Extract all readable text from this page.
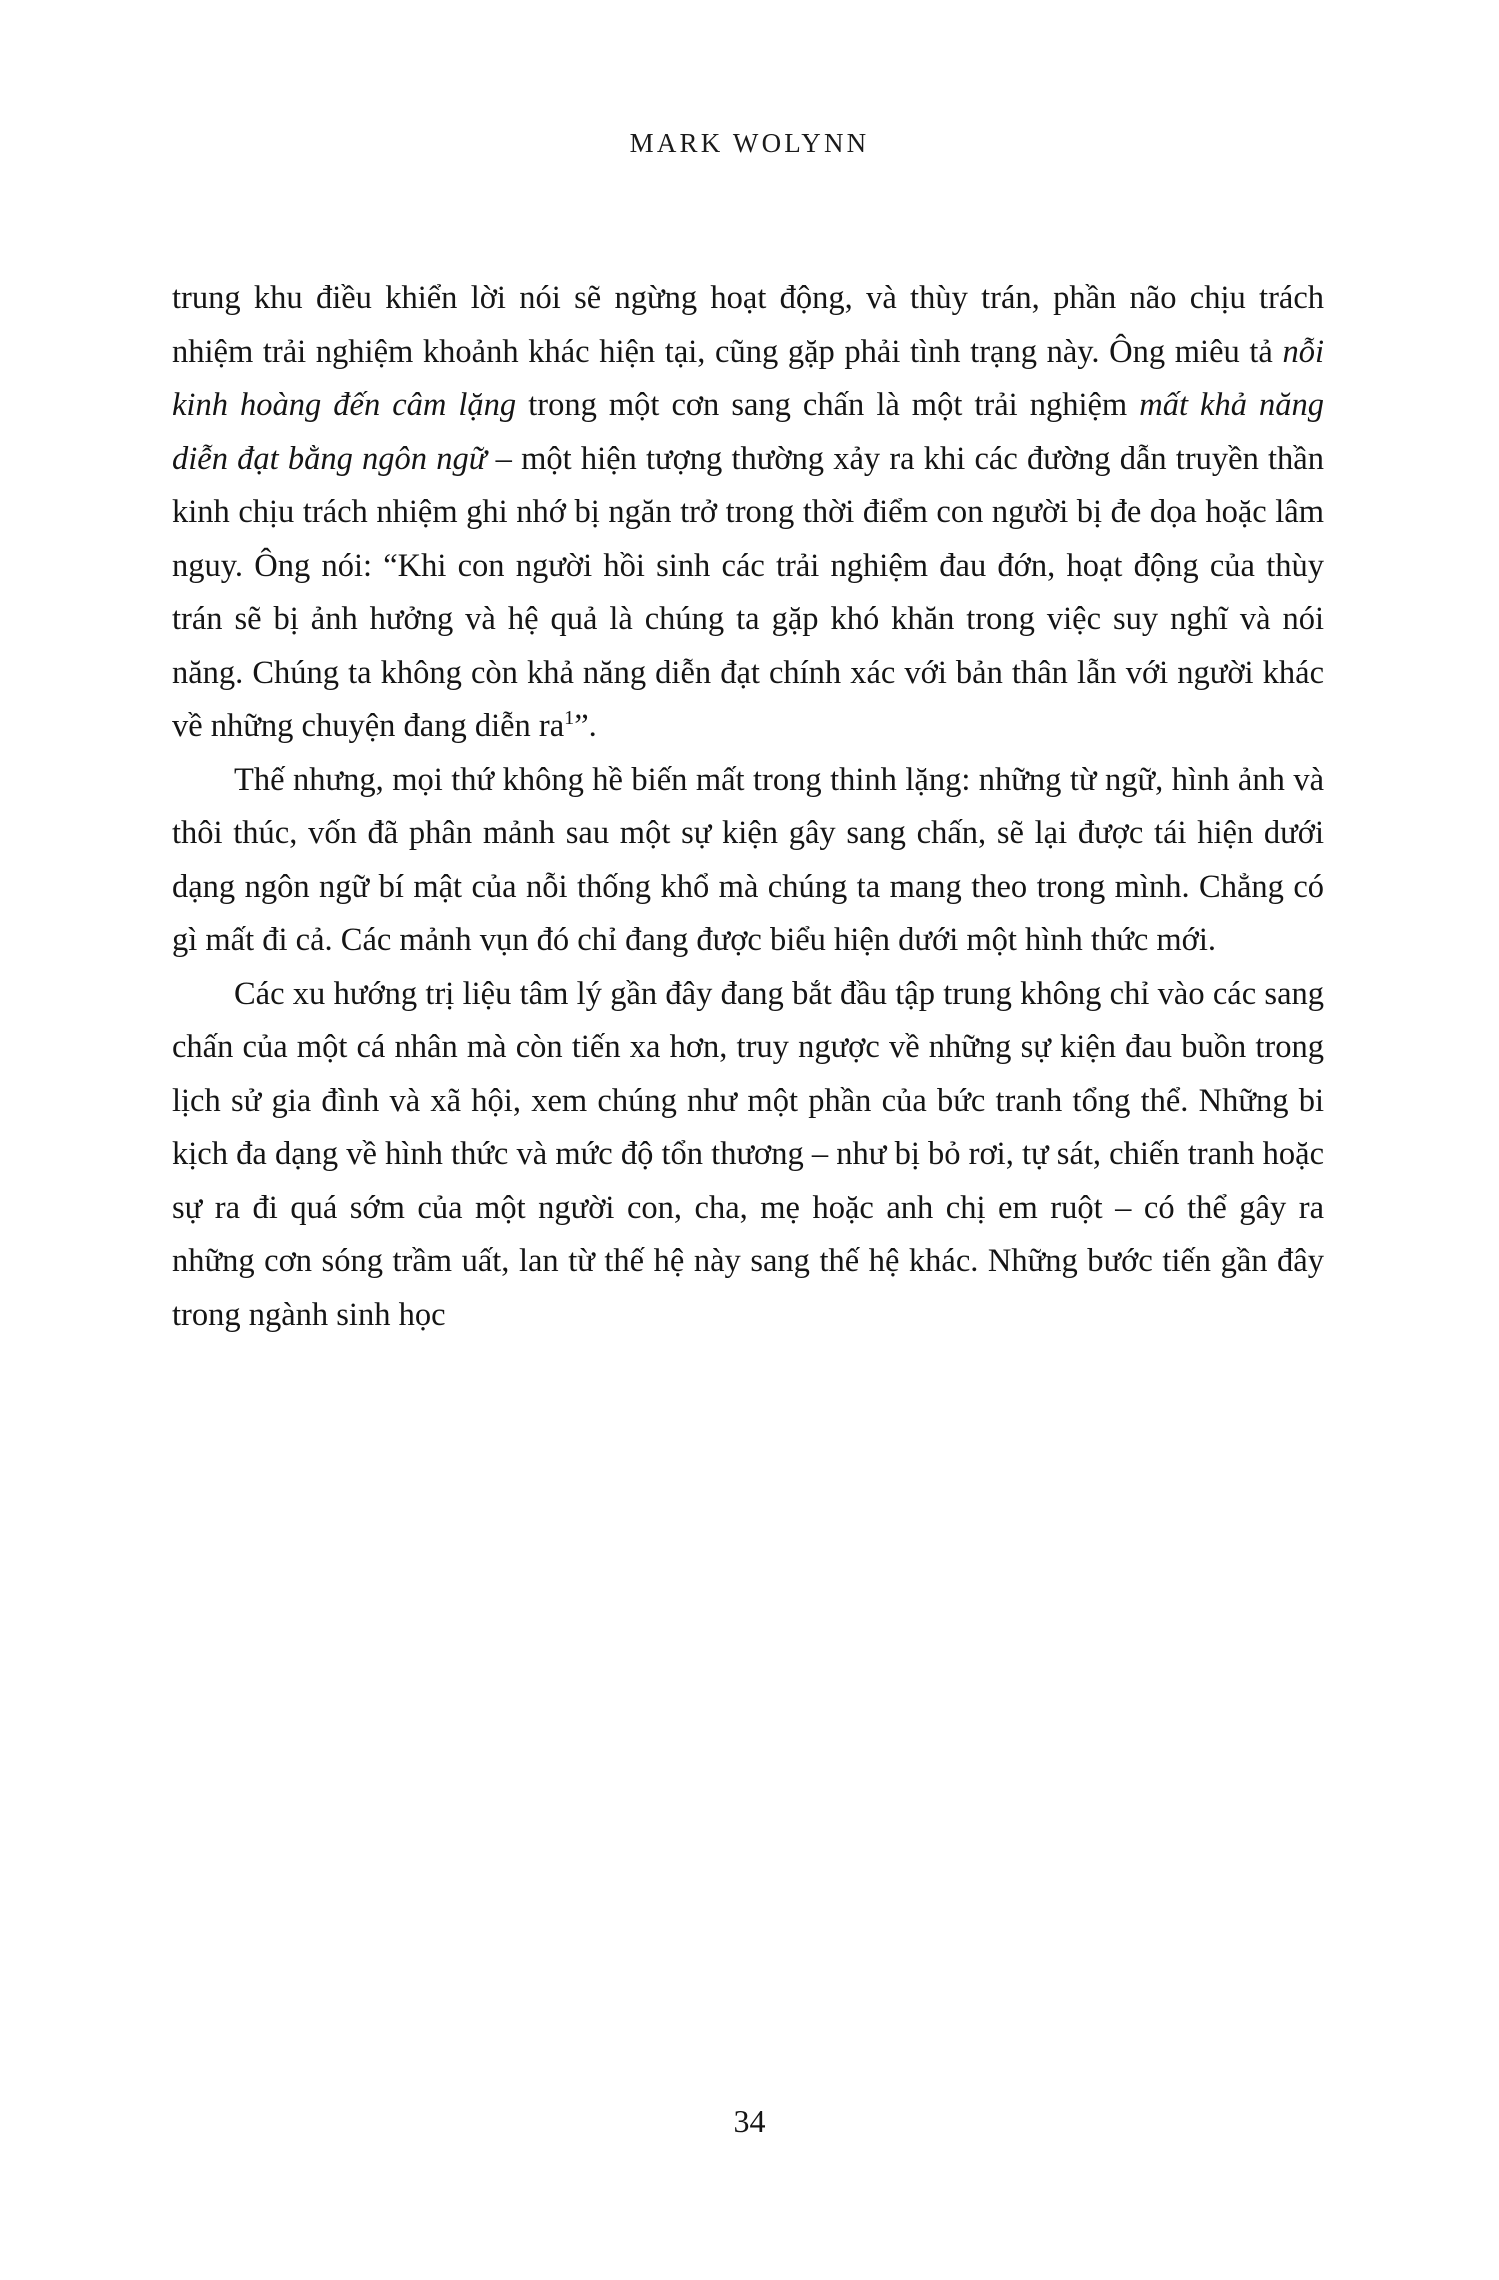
MARK WOLYNN

trung khu điều khiển lời nói sẽ ngừng hoạt động, và thùy trán, phần não chịu trách nhiệm trải nghiệm khoảnh khác hiện tại, cũng gặp phải tình trạng này. Ông miêu tả nỗi kinh hoàng đến câm lặng trong một cơn sang chấn là một trải nghiệm mất khả năng diễn đạt bằng ngôn ngữ – một hiện tượng thường xảy ra khi các đường dẫn truyền thần kinh chịu trách nhiệm ghi nhớ bị ngăn trở trong thời điểm con người bị đe dọa hoặc lâm nguy. Ông nói: “Khi con người hồi sinh các trải nghiệm đau đớn, hoạt động của thùy trán sẽ bị ảnh hưởng và hệ quả là chúng ta gặp khó khăn trong việc suy nghĩ và nói năng. Chúng ta không còn khả năng diễn đạt chính xác với bản thân lẫn với người khác về những chuyện đang diễn $ra^1$”.

Thế nhưng, mọi thứ không hề biến mất trong thinh lặng: những từ ngữ, hình ảnh và thôi thúc, vốn đã phân mảnh sau một sự kiện gây sang chấn, sẽ lại được tái hiện dưới dạng ngôn ngữ bí mật của nỗi thống khổ mà chúng ta mang theo trong mình. Chẳng có gì mất đi cả. Các mảnh vụn đó chỉ đang được biểu hiện dưới một hình thức mới.

Các xu hướng trị liệu tâm lý gần đây đang bắt đầu tập trung không chỉ vào các sang chấn của một cá nhân mà còn tiến xa hơn, truy ngược về những sự kiện đau buồn trong lịch sử gia đình và xã hội, xem chúng như một phần của bức tranh tổng thể. Những bi kịch đa dạng về hình thức và mức độ tổn thương – như bị bỏ rơi, tự sát, chiến tranh hoặc sự ra đi quá sớm của một người con, cha, mẹ hoặc anh chị em ruột – có thể gây ra những cơn sóng trầm uất, lan từ thế hệ này sang thế hệ khác. Những bước tiến gần đây trong ngành sinh học

34
